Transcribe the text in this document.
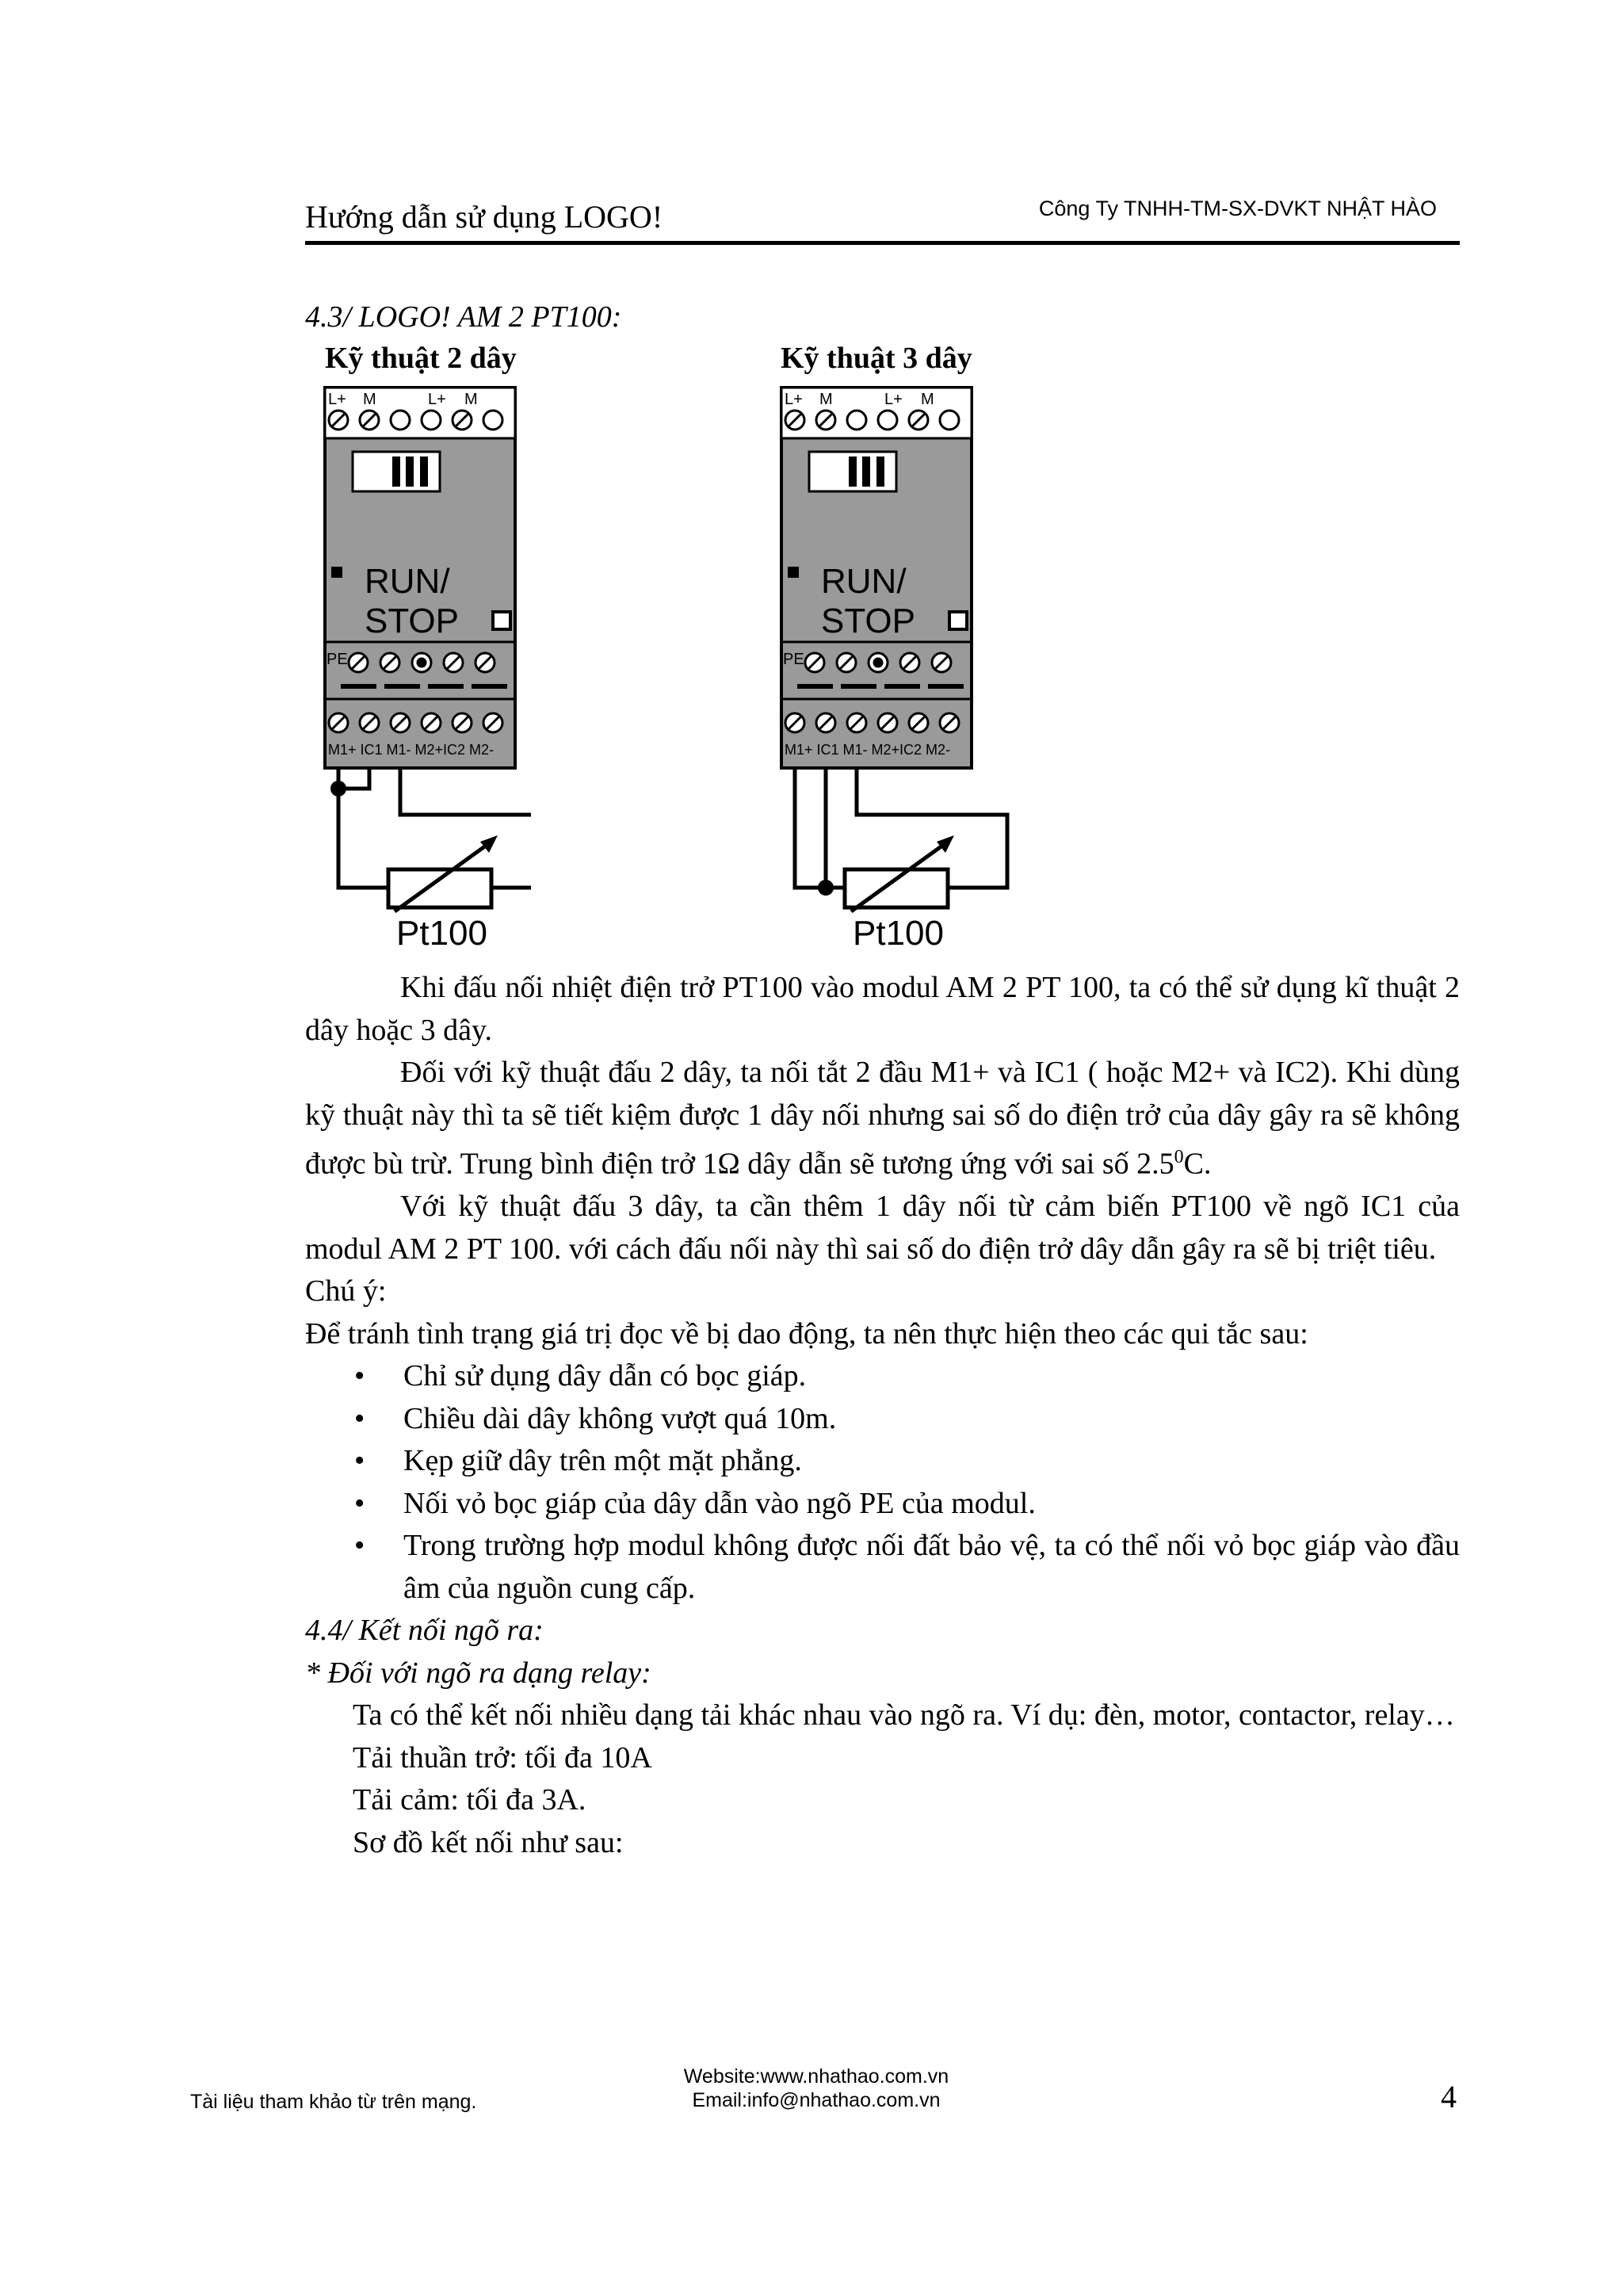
Hướng dẫn sử dụng LOGO!	Công Ty TNHH-TM-SX-DVKT NHẬT HÀO
4.3/ LOGO! AM 2 PT100:
Kỹ thuật 2 dây	Kỹ thuật 3 dây
L+ M	L+ M
RUN/
STOP
PE
M1+ IC1 M1- M2+IC2 M2-
Pt100
L+ M	L+ M
RUN/
STOP
PE
M1+ IC1 M1- M2+IC2 M2-
Pt100

Khi đấu nối nhiệt điện trở PT100 vào modul AM 2 PT 100, ta có thể sử dụng kĩ thuật 2 dây hoặc 3 dây.

Đối với kỹ thuật đấu 2 dây, ta nối tắt 2 đầu M1+ và IC1 ( hoặc M2+ và IC2). Khi dùng kỹ thuật này thì ta sẽ tiết kiệm được 1 dây nối nhưng sai số do điện trở của dây gây ra sẽ không được bù trừ. Trung bình điện trở 1Ω dây dẫn sẽ tương ứng với sai số $2.5^0C$.

Với kỹ thuật đấu 3 dây, ta cần thêm 1 dây nối từ cảm biến PT100 về ngõ IC1 của modul AM 2 PT 100. với cách đấu nối này thì sai số do điện trở dây dẫn gây ra sẽ bị triệt tiêu.

Chú ý:

Để tránh tình trạng giá trị đọc về bị dao động, ta nên thực hiện theo các qui tắc sau:

• Chỉ sử dụng dây dẫn có bọc giáp.
• Chiều dài dây không vượt quá 10m.
• Kẹp giữ dây trên một mặt phẳng.
• Nối vỏ bọc giáp của dây dẫn vào ngõ PE của modul.
• Trong trường hợp modul không được nối đất bảo vệ, ta có thể nối vỏ bọc giáp vào đầu âm của nguồn cung cấp.

4.4/ Kết nối ngõ ra:

* Đối với ngõ ra dạng relay:

Ta có thể kết nối nhiều dạng tải khác nhau vào ngõ ra. Ví dụ: đèn, motor, contactor, relay…

Tải thuần trở: tối đa 10A

Tải cảm: tối đa 3A.

Sơ đồ kết nối như sau:

Tài liệu tham khảo từ trên mạng.
Website:www.nhathao.com.vn
Email:info@nhathao.com.vn	4
